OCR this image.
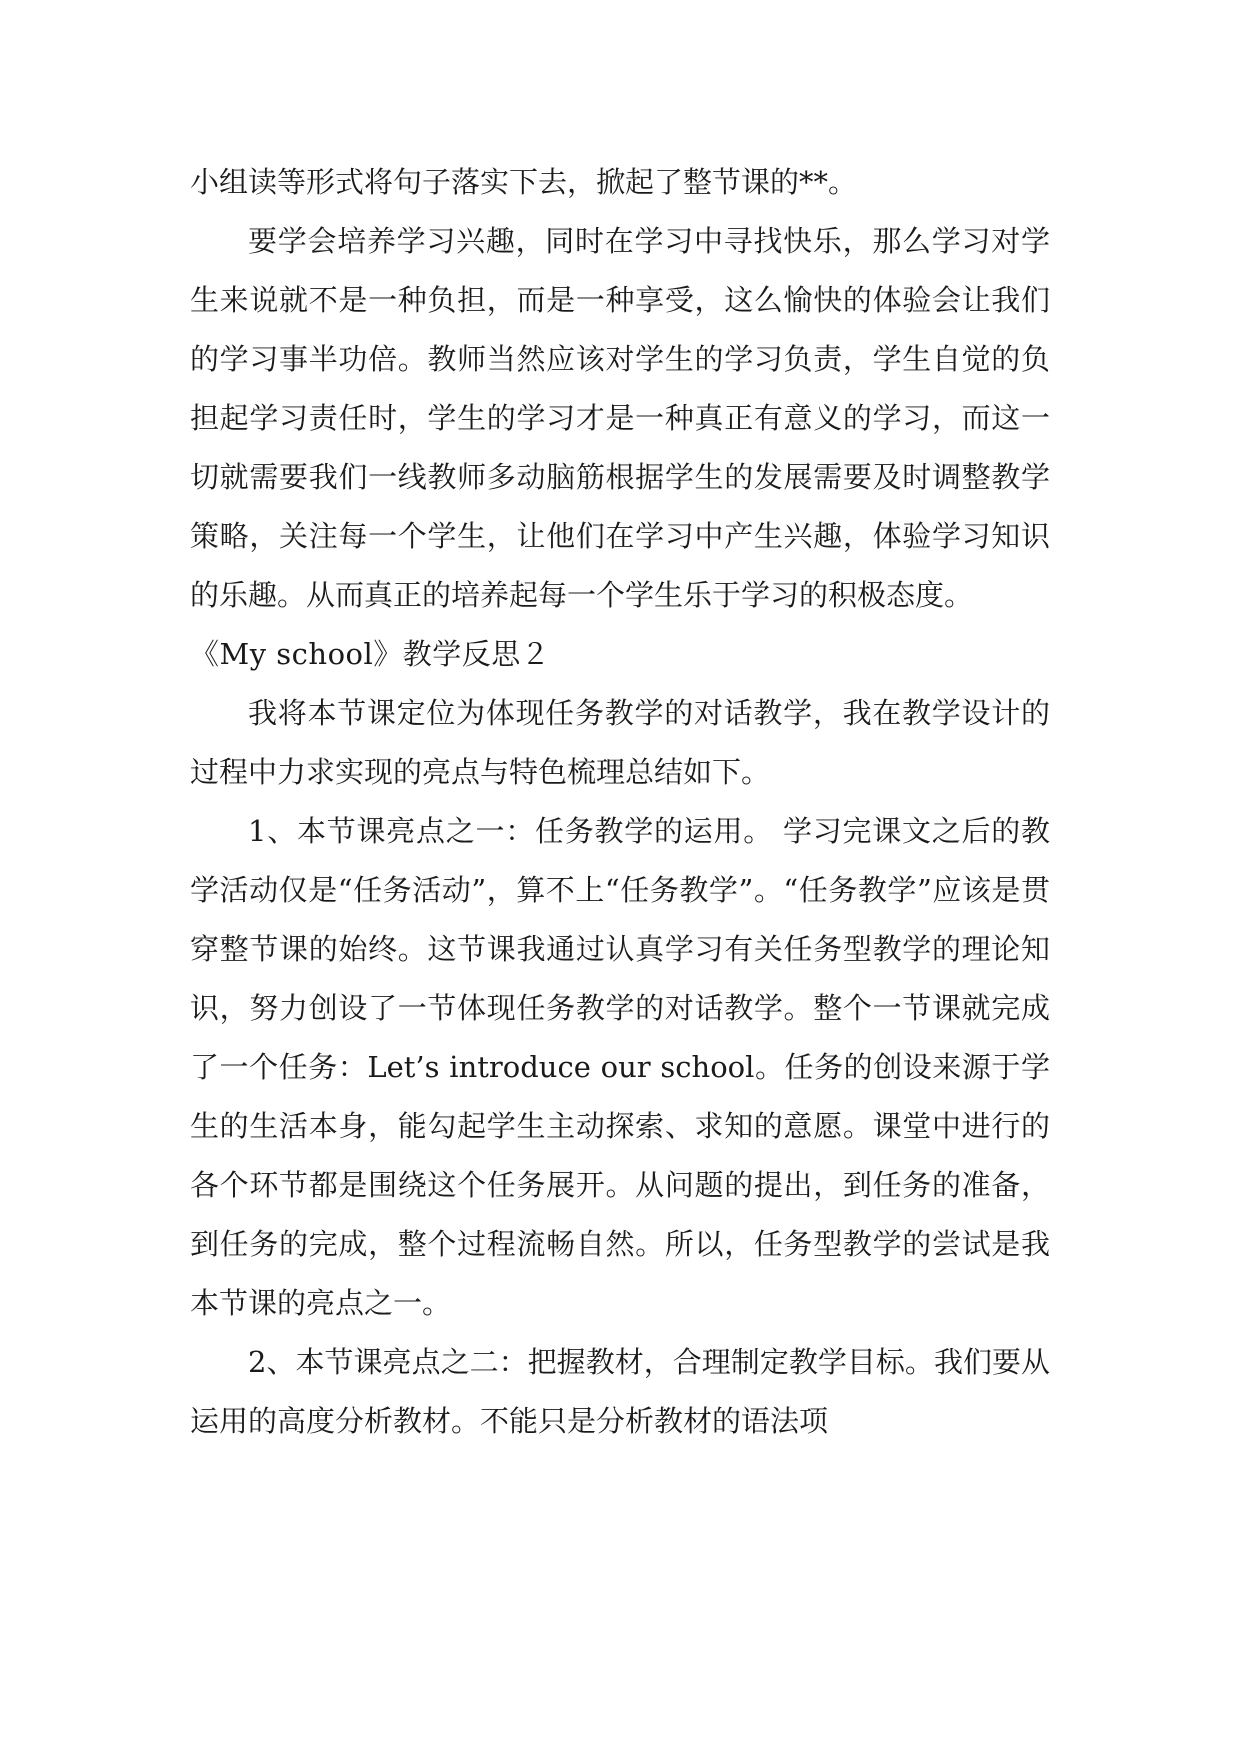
小组读等形式将句子落实下去，掀起了整节课的**。

要学会培养学习兴趣，同时在学习中寻找快乐，那么学习对学生来说就不是一种负担，而是一种享受，这么愉快的体验会让我们的学习事半功倍。教师当然应该对学生的学习负责，学生自觉的负担起学习责任时，学生的学习才是一种真正有意义的学习，而这一切就需要我们一线教师多动脑筋根据学生的发展需要及时调整教学策略，关注每一个学生，让他们在学习中产生兴趣，体验学习知识的乐趣。从而真正的培养起每一个学生乐于学习的积极态度。

《My school》教学反思２

我将本节课定位为体现任务教学的对话教学，我在教学设计的过程中力求实现的亮点与特色梳理总结如下。

1、本节课亮点之一：任务教学的运用。 学习完课文之后的教学活动仅是“任务活动”，算不上“任务教学”。“任务教学”应该是贯穿整节课的始终。这节课我通过认真学习有关任务型教学的理论知识，努力创设了一节体现任务教学的对话教学。整个一节课就完成了一个任务：Let’s introduce our school。任务的创设来源于学生的生活本身，能勾起学生主动探索、求知的意愿。课堂中进行的各个环节都是围绕这个任务展开。从问题的提出，到任务的准备，到任务的完成，整个过程流畅自然。所以，任务型教学的尝试是我本节课的亮点之一。

2、本节课亮点之二：把握教材，合理制定教学目标。我们要从运用的高度分析教材。不能只是分析教材的语法项
